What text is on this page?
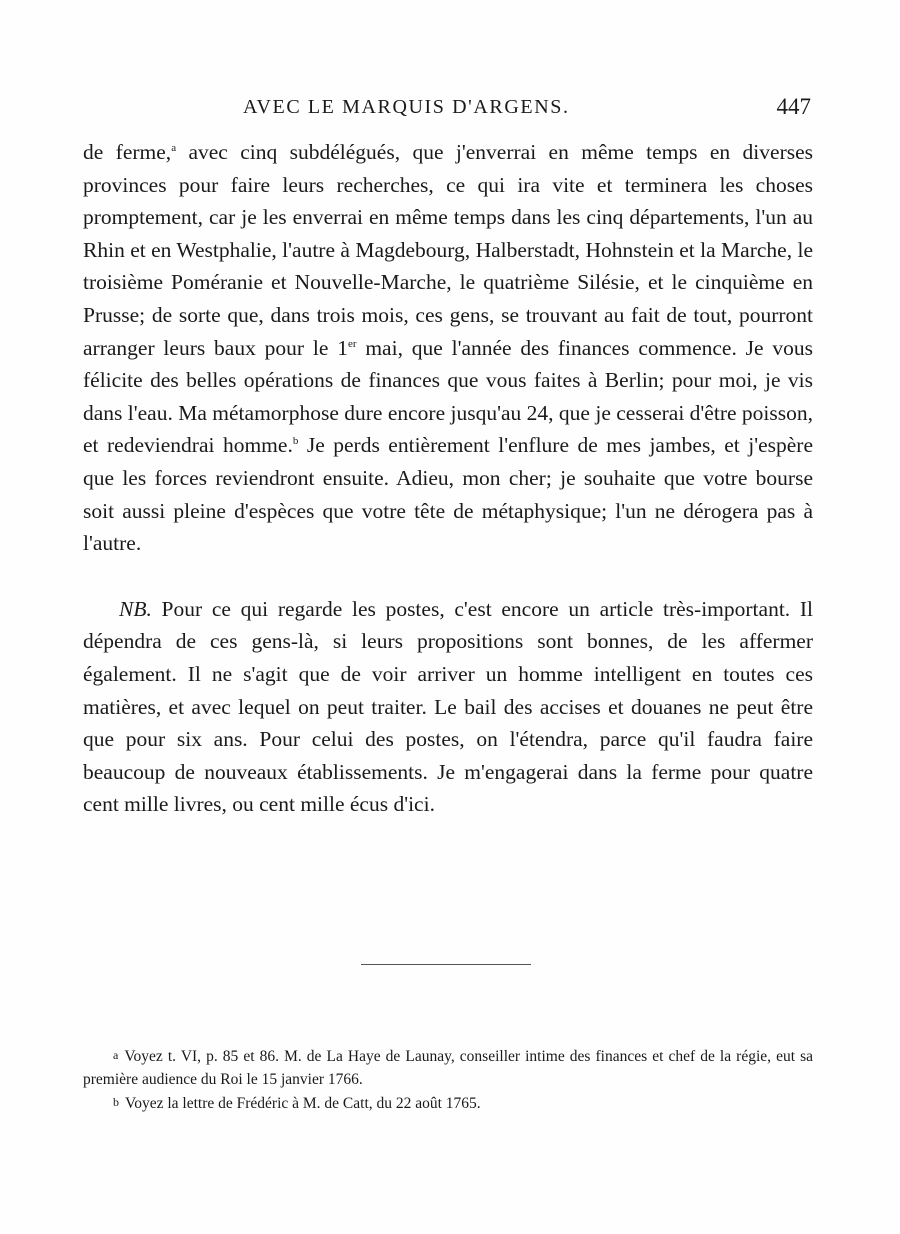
AVEC LE MARQUIS D'ARGENS.	447

de ferme,$^a$ avec cinq subdélégués, que j'enverrai en même temps en diverses provinces pour faire leurs recherches, ce qui ira vite et terminera les choses promptement, car je les enverrai en même temps dans les cinq départements, l'un au Rhin et en Westphalie, l'autre à Magdebourg, Halberstadt, Hohnstein et la Marche, le troisième Poméranie et Nouvelle-Marche, le quatrième Silésie, et le cinquième en Prusse; de sorte que, dans trois mois, ces gens, se trouvant au fait de tout, pourront arranger leurs baux pour le 1er mai, que l'année des finances commence. Je vous félicite des belles opérations de finances que vous faites à Berlin; pour moi, je vis dans l'eau. Ma métamorphose dure encore jusqu'au 24, que je cesserai d'être poisson, et redeviendrai homme.$^b$ Je perds entièrement l'enflure de mes jambes, et j'espère que les forces reviendront ensuite. Adieu, mon cher; je souhaite que votre bourse soit aussi pleine d'espèces que votre tête de métaphysique; l'un ne dérogera pas à l'autre.

NB. Pour ce qui regarde les postes, c'est encore un article très-important. Il dépendra de ces gens-là, si leurs propositions sont bonnes, de les affermer également. Il ne s'agit que de voir arriver un homme intelligent en toutes ces matières, et avec lequel on peut traiter. Le bail des accises et douanes ne peut être que pour six ans. Pour celui des postes, on l'étendra, parce qu'il faudra faire beaucoup de nouveaux établissements. Je m'engagerai dans la ferme pour quatre cent mille livres, ou cent mille écus d'ici.

a Voyez t. VI, p. 85 et 86. M. de La Haye de Launay, conseiller intime des finances et chef de la régie, eut sa première audience du Roi le 15 janvier 1766.

b Voyez la lettre de Frédéric à M. de Catt, du 22 août 1765.
